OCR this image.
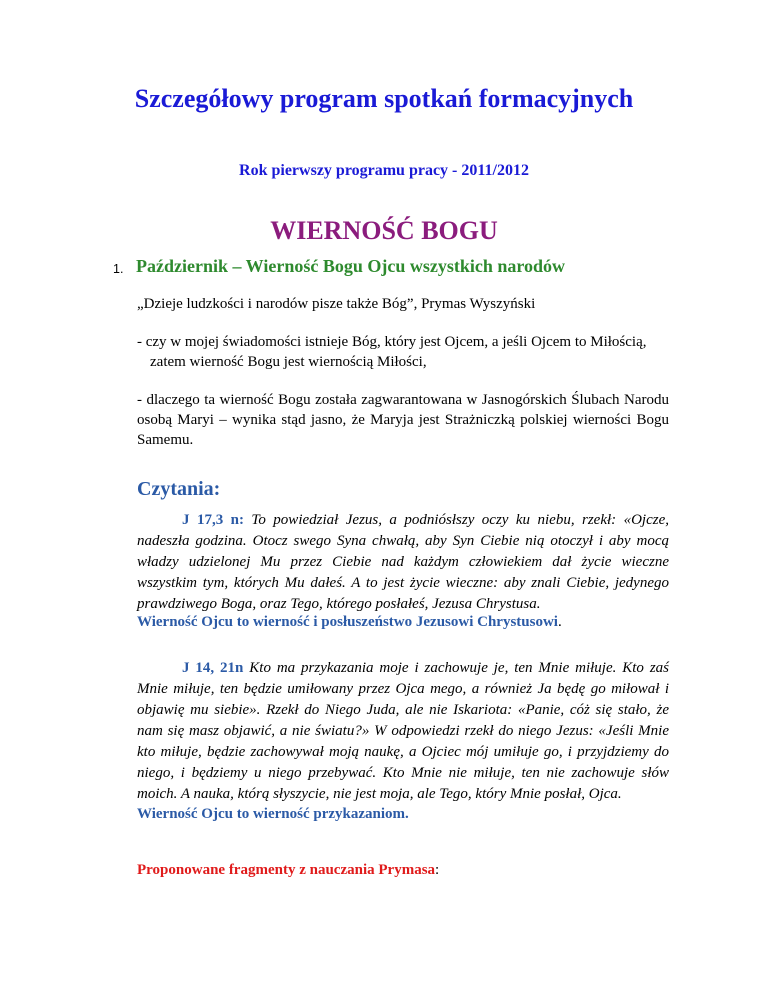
Szczegółowy program spotkań formacyjnych
Rok pierwszy programu pracy - 2011/2012
WIERNOŚĆ BOGU
1. Październik – Wierność Bogu Ojcu wszystkich narodów
„Dzieje ludzkości i narodów pisze także Bóg”, Prymas Wyszyński
- czy w mojej świadomości istnieje Bóg, który jest Ojcem, a jeśli Ojcem to Miłością,
zatem wierność Bogu jest wiernością Miłości,
- dlaczego ta wierność Bogu została zagwarantowana w Jasnogórskich Ślubach Narodu osobą Maryi – wynika stąd jasno, że Maryja jest Strażniczką polskiej wierności Bogu Samemu.
Czytania:
J 17,3 n: To powiedział Jezus, a podniósłszy oczy ku niebu, rzekł: «Ojcze, nadeszła godzina. Otocz swego Syna chwałą, aby Syn Ciebie nią otoczył i aby mocą władzy udzielonej Mu przez Ciebie nad każdym człowiekiem dał życie wieczne wszystkim tym, których Mu dałeś. A to jest życie wieczne: aby znali Ciebie, jedynego prawdziwego Boga, oraz Tego, którego posłałeś, Jezusa Chrystusa.
Wierność Ojcu to wierność i posłuszeństwo Jezusowi Chrystusowi.
J 14, 21n Kto ma przykazania moje i zachowuje je, ten Mnie miłuje. Kto zaś Mnie miłuje, ten będzie umiłowany przez Ojca mego, a również Ja będę go miłował i objawię mu siebie». Rzekł do Niego Juda, ale nie Iskariota: «Panie, cóż się stało, że nam się masz objawić, a nie światu?» W odpowiedzi rzekł do niego Jezus: «Jeśli Mnie kto miłuje, będzie zachowywał moją naukę, a Ojciec mój umiłuje go, i przyjdziemy do niego, i będziemy u niego przebywać. Kto Mnie nie miłuje, ten nie zachowuje słów moich. A nauka, którą słyszycie, nie jest moja, ale Tego, który Mnie posłał, Ojca.
Wierność Ojcu to wierność przykazaniom.
Proponowane fragmenty z nauczania Prymasa:
